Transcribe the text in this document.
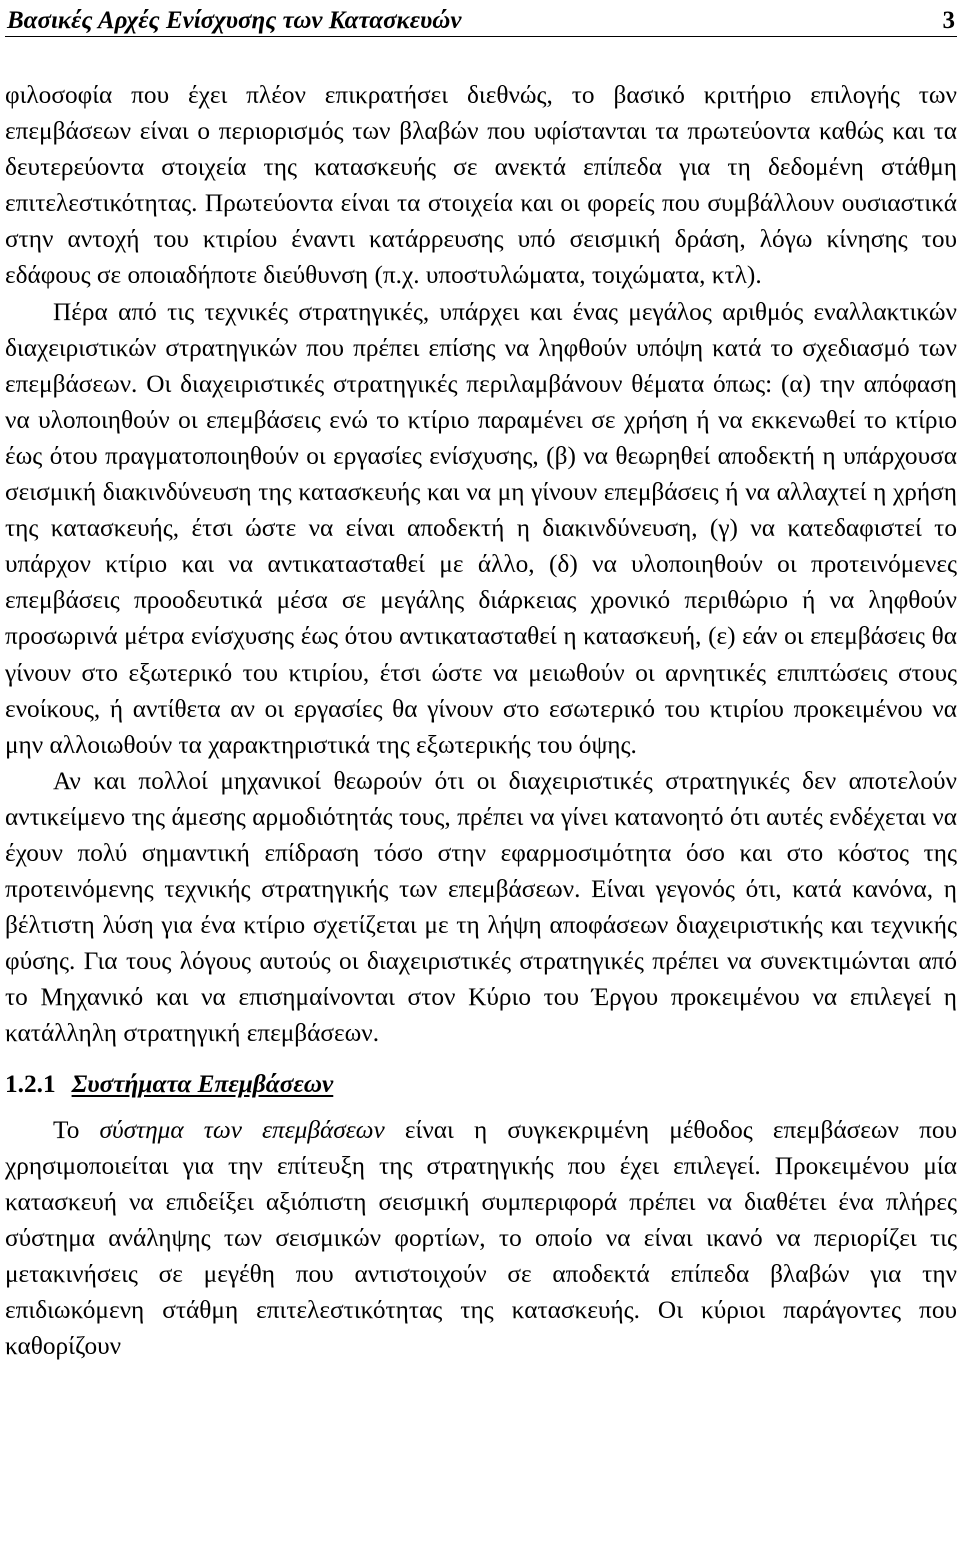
Βασικές Αρχές Ενίσχυσης των Κατασκευών	3

φιλοσοφία που έχει πλέον επικρατήσει διεθνώς, το βασικό κριτήριο επιλογής των επεμβάσεων είναι ο περιορισμός των βλαβών που υφίστανται τα πρωτεύοντα καθώς και τα δευτερεύοντα στοιχεία της κατασκευής σε ανεκτά επίπεδα για τη δεδομένη στάθμη επιτελεστικότητας. Πρωτεύοντα είναι τα στοιχεία και οι φορείς που συμβάλλουν ουσιαστικά στην αντοχή του κτιρίου έναντι κατάρρευσης υπό σεισμική δράση, λόγω κίνησης του εδάφους σε οποιαδήποτε διεύθυνση (π.χ. υποστυλώματα, τοιχώματα, κτλ).

Πέρα από τις τεχνικές στρατηγικές, υπάρχει και ένας μεγάλος αριθμός εναλλακτικών διαχειριστικών στρατηγικών που πρέπει επίσης να ληφθούν υπόψη κατά το σχεδιασμό των επεμβάσεων. Οι διαχειριστικές στρατηγικές περιλαμβάνουν θέματα όπως: (α) την απόφαση να υλοποιηθούν οι επεμβάσεις ενώ το κτίριο παραμένει σε χρήση ή να εκκενωθεί το κτίριο έως ότου πραγματοποιηθούν οι εργασίες ενίσχυσης, (β) να θεωρηθεί αποδεκτή η υπάρχουσα σεισμική διακινδύνευση της κατασκευής και να μη γίνουν επεμβάσεις ή να αλλαχτεί η χρήση της κατασκευής, έτσι ώστε να είναι αποδεκτή η διακινδύνευση, (γ) να κατεδαφιστεί το υπάρχον κτίριο και να αντικατασταθεί με άλλο, (δ) να υλοποιηθούν οι προτεινόμενες επεμβάσεις προοδευτικά μέσα σε μεγάλης διάρκειας χρονικό περιθώριο ή να ληφθούν προσωρινά μέτρα ενίσχυσης έως ότου αντικατασταθεί η κατασκευή, (ε) εάν οι επεμβάσεις θα γίνουν στο εξωτερικό του κτιρίου, έτσι ώστε να μειωθούν οι αρνητικές επιπτώσεις στους ενοίκους, ή αντίθετα αν οι εργασίες θα γίνουν στο εσωτερικό του κτιρίου προκειμένου να μην αλλοιωθούν τα χαρακτηριστικά της εξωτερικής του όψης.

Αν και πολλοί μηχανικοί θεωρούν ότι οι διαχειριστικές στρατηγικές δεν αποτελούν αντικείμενο της άμεσης αρμοδιότητάς τους, πρέπει να γίνει κατανοητό ότι αυτές ενδέχεται να έχουν πολύ σημαντική επίδραση τόσο στην εφαρμοσιμότητα όσο και στο κόστος της προτεινόμενης τεχνικής στρατηγικής των επεμβάσεων. Είναι γεγονός ότι, κατά κανόνα, η βέλτιστη λύση για ένα κτίριο σχετίζεται με τη λήψη αποφάσεων διαχειριστικής και τεχνικής φύσης. Για τους λόγους αυτούς οι διαχειριστικές στρατηγικές πρέπει να συνεκτιμώνται από το Μηχανικό και να επισημαίνονται στον Κύριο του Έργου προκειμένου να επιλεγεί η κατάλληλη στρατηγική επεμβάσεων.

1.2.1 Συστήματα Επεμβάσεων

Το σύστημα των επεμβάσεων είναι η συγκεκριμένη μέθοδος επεμβάσεων που χρησιμοποιείται για την επίτευξη της στρατηγικής που έχει επιλεγεί. Προκειμένου μία κατασκευή να επιδείξει αξιόπιστη σεισμική συμπεριφορά πρέπει να διαθέτει ένα πλήρες σύστημα ανάληψης των σεισμικών φορτίων, το οποίο να είναι ικανό να περιορίζει τις μετακινήσεις σε μεγέθη που αντιστοιχούν σε αποδεκτά επίπεδα βλαβών για την επιδιωκόμενη στάθμη επιτελεστικότητας της κατασκευής. Οι κύριοι παράγοντες που καθορίζουν
